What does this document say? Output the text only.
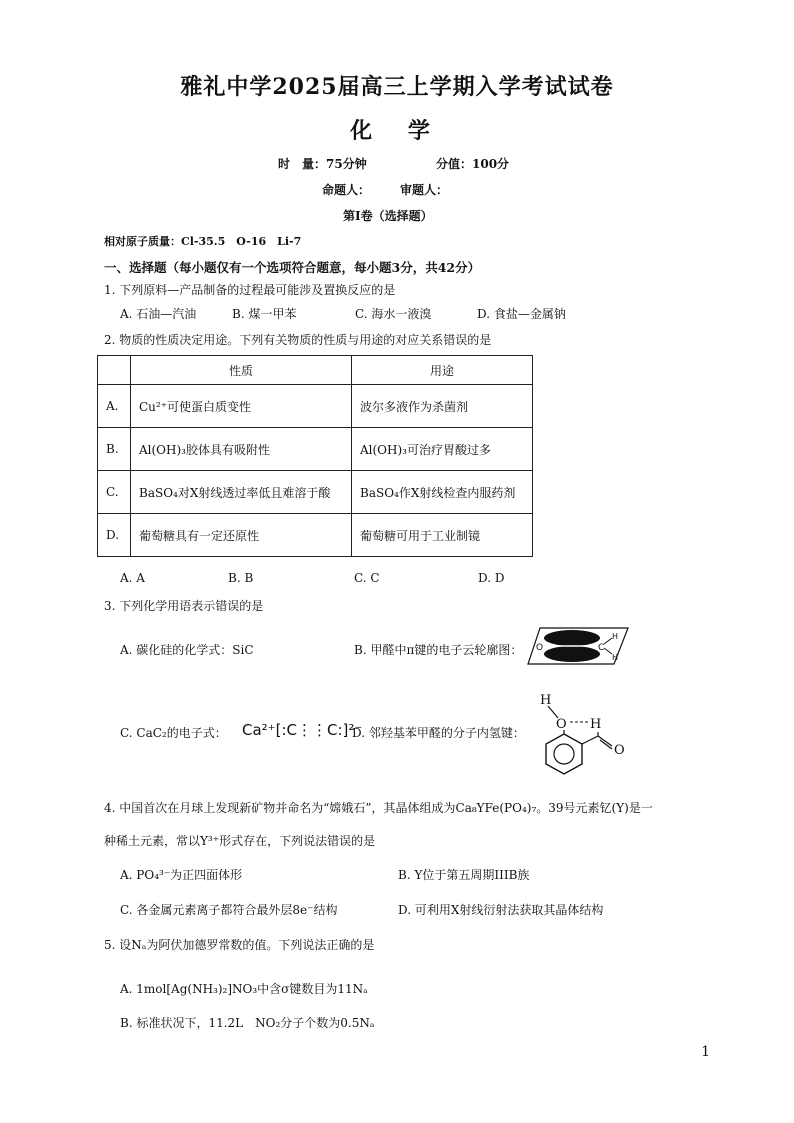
雅礼中学2025届高三上学期入学考试试卷
化 学
时　量：75分钟	分值：100分
命题人： 审题人：
第I卷（选择题）
相对原子质量：Cl-35.5　O-16　Li-7
一、选择题（每小题仅有一个选项符合题意，每小题3分，共42分）
1. 下列原料—产品制备的过程最可能涉及置换反应的是
A. 石油—汽油	B. 煤一甲苯	C. 海水一液溴	D. 食盐—金属钠
2. 物质的性质决定用途。下列有关物质的性质与用途的对应关系错误的是
	性质	用途
A.	Cu²⁺可使蛋白质变性	波尔多液作为杀菌剂
B.	Al(OH)₃胶体具有吸附性	Al(OH)₃可治疗胃酸过多
C.	BaSO₄对X射线透过率低且难溶于酸	BaSO₄作X射线检查内服药剂
D.	葡萄糖具有一定还原性	葡萄糖可用于工业制镜
A. A	B. B	C. C	D. D
3. 下列化学用语表示错误的是
A. 碳化硅的化学式：SiC	B. 甲醛中π键的电子云轮廓图： O	C
H
H
C. CaC₂的电子式： Ca²⁺[:C⋮⋮C:]²⁻
D. 邻羟基苯甲醛的分子内氢键：
H
O H
O
4. 中国首次在月球上发现新矿物并命名为“嫦娥石”，其晶体组成为Ca₈YFe(PO₄)₇。39号元素钇(Y)是一
种稀土元素，常以Y³⁺形式存在，下列说法错误的是
A. PO₄³⁻为正四面体形	B. Y位于第五周期IIIB族
C. 各金属元素离子都符合最外层8e⁻结构	D. 可利用X射线衍射法获取其晶体结构
5. 设Nₐ为阿伏加德罗常数的值。下列说法正确的是
A. 1mol[Ag(NH₃)₂]NO₃中含σ键数目为11Nₐ
B. 标准状况下，11.2L　NO₂分子个数为0.5Nₐ
1
